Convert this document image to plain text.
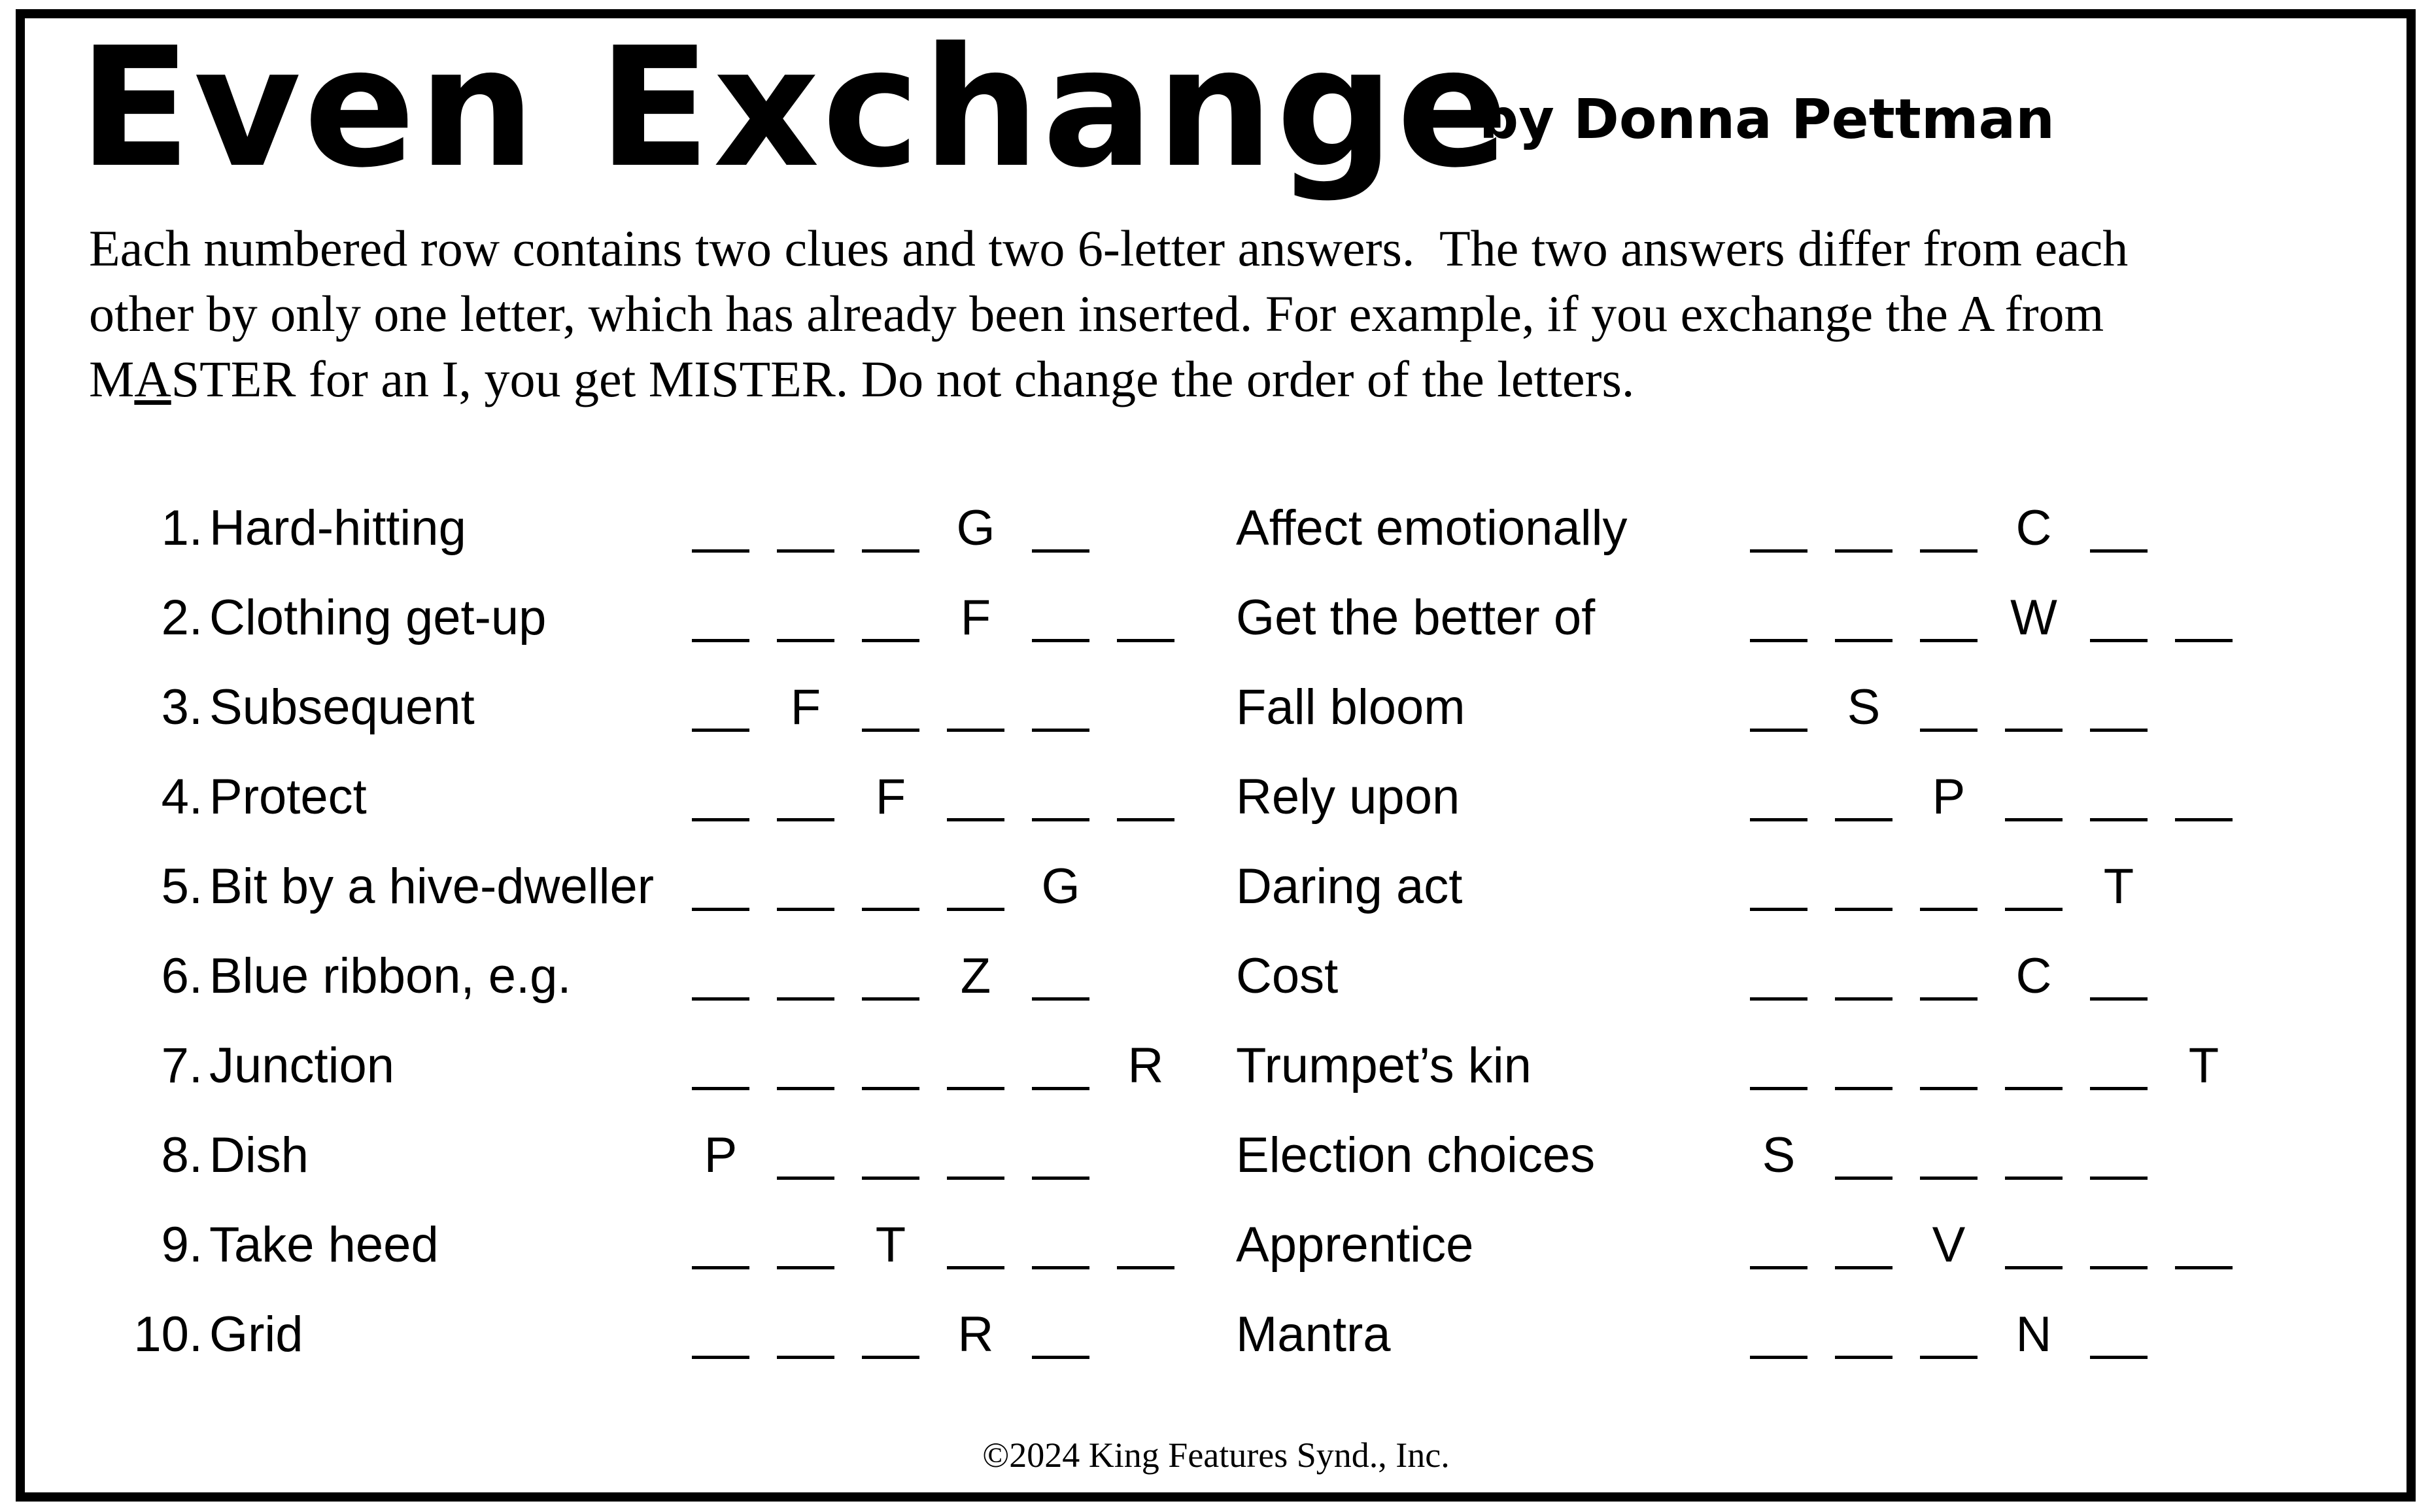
Even Exchange
by Donna Pettman
Each numbered row contains two clues and two 6-letter answers.  The two answers differ from each
other by only one letter, which has already been inserted. For example, if you exchange the A from
MASTER for an I, you get MISTER. Do not change the order of the letters.
1. Hard-hitting	G	Affect emotionally	C
2. Clothing get-up	F	Get the better of	W
3. Subsequent	F	Fall bloom	S
4. Protect	F	Rely upon	P
5. Bit by a hive-dweller	G	Daring act	T
6. Blue ribbon, e.g.	Z	Cost	C
7. Junction	R Trumpet’s kin	T
8. Dish	P	Election choices	S
9. Take heed	T	Apprentice	V
10. Grid	R	Mantra	N
©2024 King Features Synd., Inc.
